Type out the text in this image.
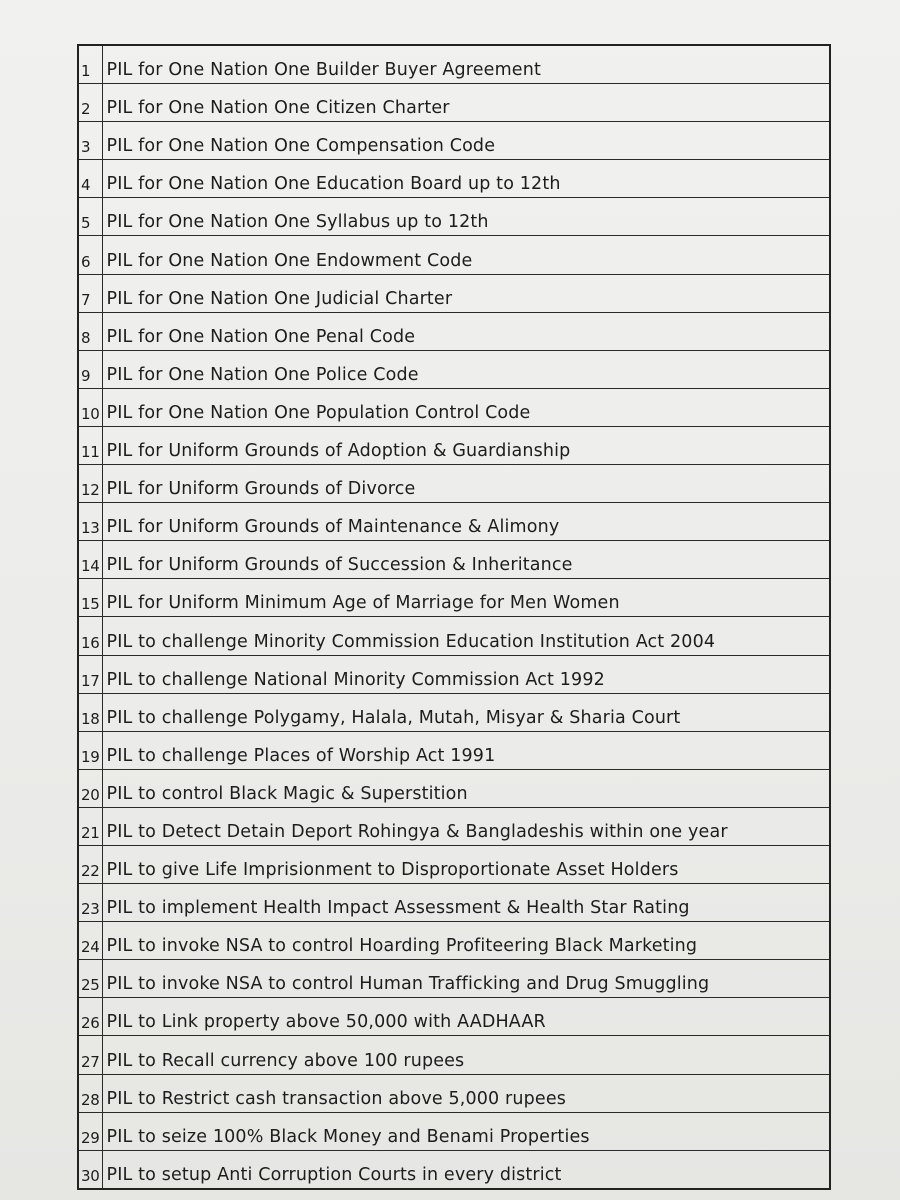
1	PIL for One Nation One Builder Buyer Agreement
2	PIL for One Nation One Citizen Charter
3	PIL for One Nation One Compensation Code
4	PIL for One Nation One Education Board up to 12th
5	PIL for One Nation One Syllabus up to 12th
6	PIL for One Nation One Endowment Code
7	PIL for One Nation One Judicial Charter
8	PIL for One Nation One Penal Code
9	PIL for One Nation One Police Code
10	PIL for One Nation One Population Control Code
11	PIL for Uniform Grounds of Adoption & Guardianship
12	PIL for Uniform Grounds of Divorce
13	PIL for Uniform Grounds of Maintenance & Alimony
14	PIL for Uniform Grounds of Succession & Inheritance
15	PIL for Uniform Minimum Age of Marriage for Men Women
16	PIL to challenge Minority Commission Education Institution Act 2004
17	PIL to challenge National Minority Commission Act 1992
18	PIL to challenge Polygamy, Halala, Mutah, Misyar & Sharia Court
19	PIL to challenge Places of Worship Act 1991
20	PIL to control Black Magic & Superstition
21	PIL to Detect Detain Deport Rohingya & Bangladeshis within one year
22	PIL to give Life Imprisionment to Disproportionate Asset Holders
23	PIL to implement Health Impact Assessment & Health Star Rating
24	PIL to invoke NSA to control Hoarding Profiteering Black Marketing
25	PIL to invoke NSA to control Human Trafficking and Drug Smuggling
26	PIL to Link property above 50,000 with AADHAAR
27	PIL to Recall currency above 100 rupees
28	PIL to Restrict cash transaction above 5,000 rupees
29	PIL to seize 100% Black Money and Benami Properties
30	PIL to setup Anti Corruption Courts in every district
